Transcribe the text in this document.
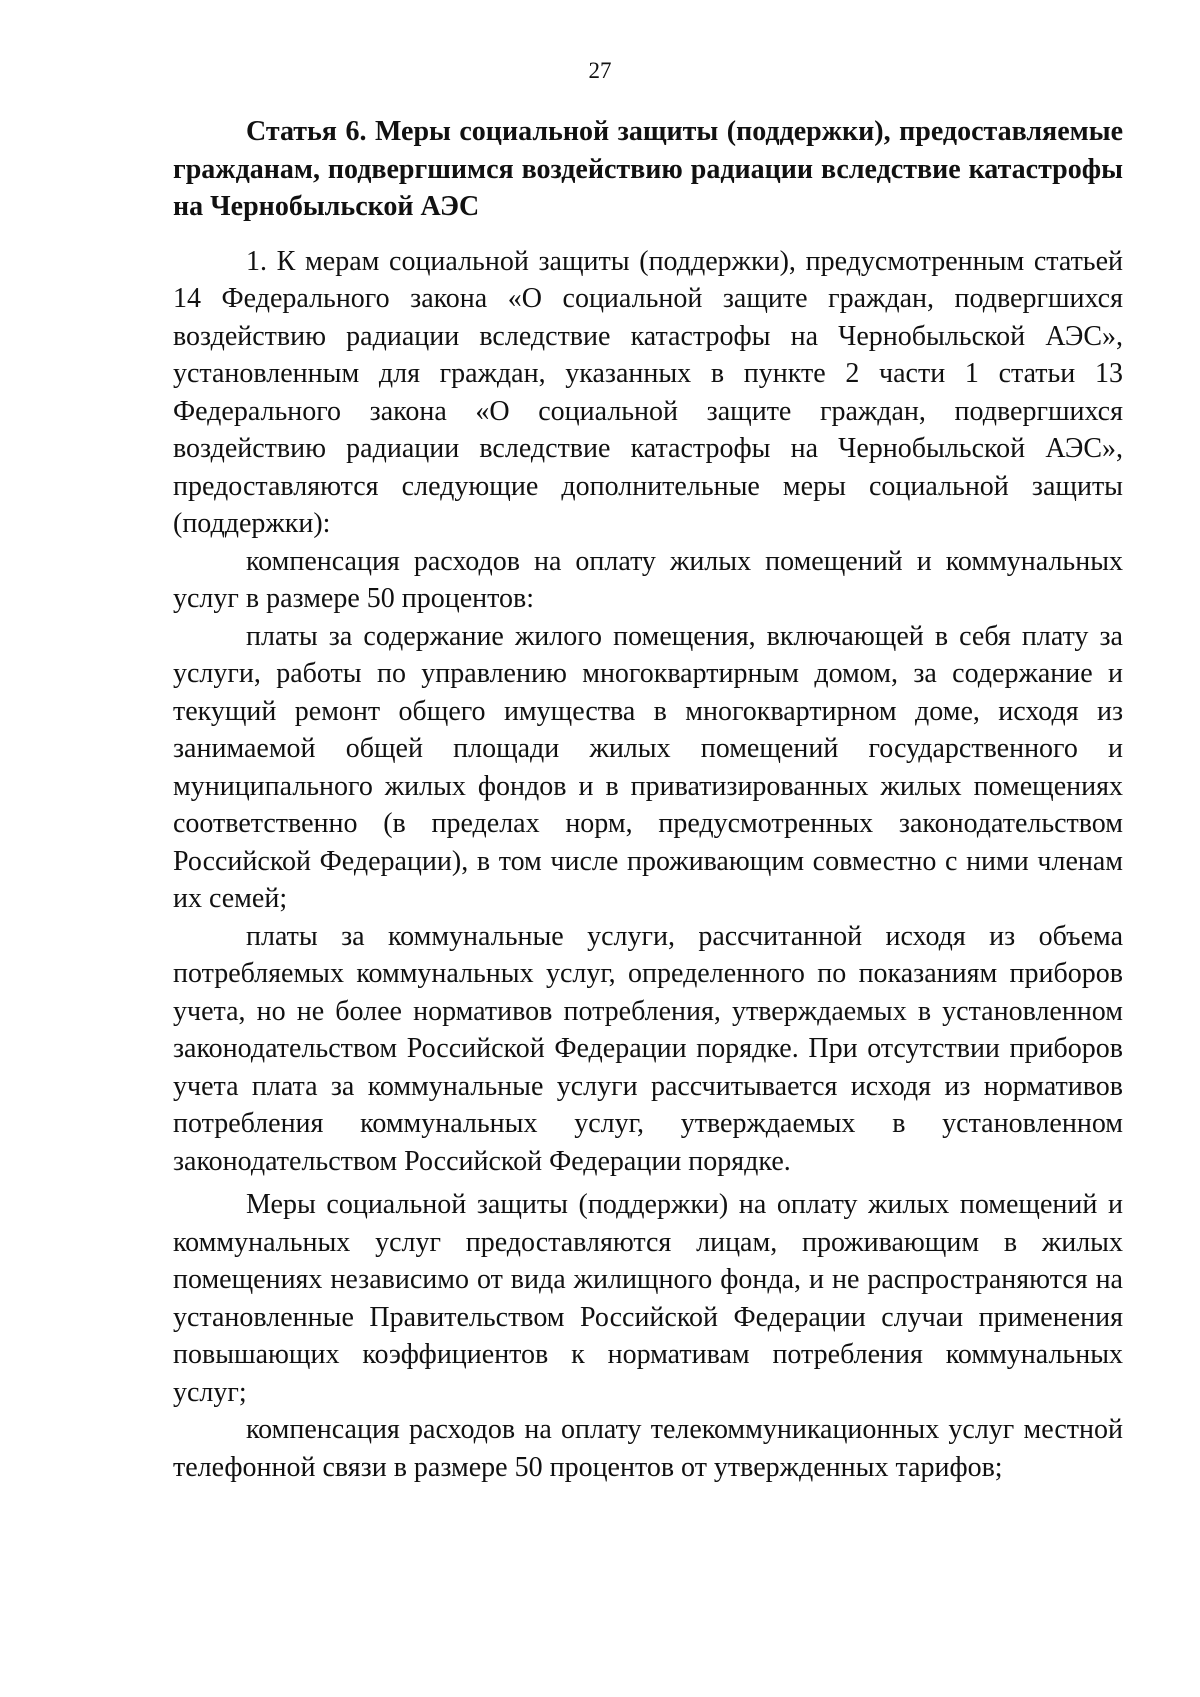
27

Статья 6. Меры социальной защиты (поддержки), предоставляемые гражданам, подвергшимся воздействию радиации вследствие катастрофы на Чернобыльской АЭС

1. К мерам социальной защиты (поддержки), предусмотренным статьей 14 Федерального закона «О социальной защите граждан, подвергшихся воздействию радиации вследствие катастрофы на Чернобыльской АЭС», установленным для граждан, указанных в пункте 2 части 1 статьи 13 Федерального закона «О социальной защите граждан, подвергшихся воздействию радиации вследствие катастрофы на Чернобыльской АЭС», предоставляются следующие дополнительные меры социальной защиты (поддержки):

компенсация расходов на оплату жилых помещений и коммунальных услуг в размере 50 процентов:

платы за содержание жилого помещения, включающей в себя плату за услуги, работы по управлению многоквартирным домом, за содержание и текущий ремонт общего имущества в многоквартирном доме, исходя из занимаемой общей площади жилых помещений государственного и муниципального жилых фондов и в приватизированных жилых помещениях соответственно (в пределах норм, предусмотренных законодательством Российской Федерации), в том числе проживающим совместно с ними членам их семей;

платы за коммунальные услуги, рассчитанной исходя из объема потребляемых коммунальных услуг, определенного по показаниям приборов учета, но не более нормативов потребления, утверждаемых в установленном законодательством Российской Федерации порядке. При отсутствии приборов учета плата за коммунальные услуги рассчитывается исходя из нормативов потребления коммунальных услуг, утверждаемых в установленном законодательством Российской Федерации порядке.

Меры социальной защиты (поддержки) на оплату жилых помещений и коммунальных услуг предоставляются лицам, проживающим в жилых помещениях независимо от вида жилищного фонда, и не распространяются на установленные Правительством Российской Федерации случаи применения повышающих коэффициентов к нормативам потребления коммунальных услуг;

компенсация расходов на оплату телекоммуникационных услуг местной телефонной связи в размере 50 процентов от утвержденных тарифов;
